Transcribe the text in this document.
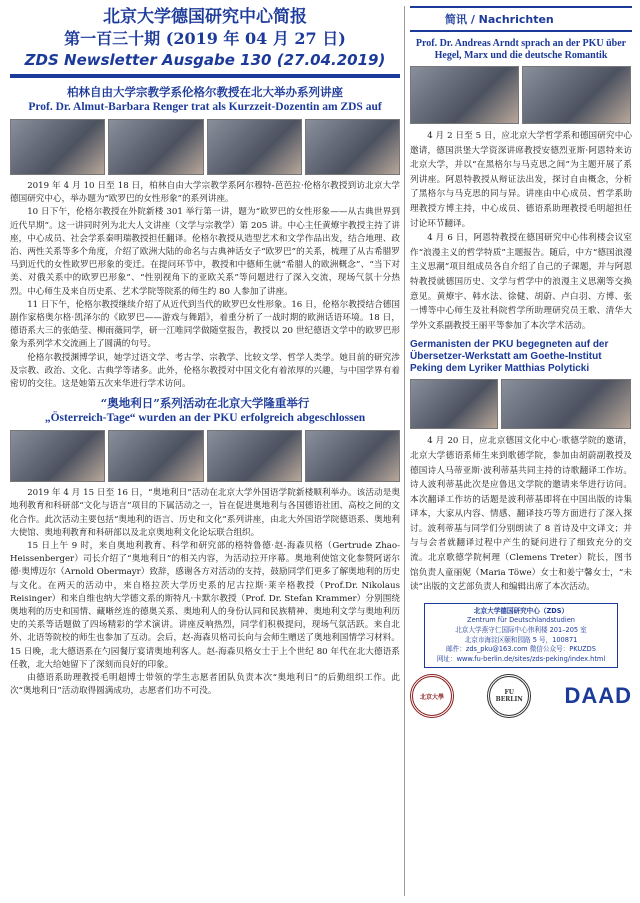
北京大学德国研究中心简报
第一百三十期 (2019 年 04 月 27 日)
ZDS Newsletter Ausgabe 130 (27.04.2019)
柏林自由大学宗教学系伦格尔教授在北大举办系列讲座
Prof. Dr. Almut-Barbara Renger trat als Kurzzeit-Dozentin am ZDS auf

2019 年 4 月 10 日至 18 日，柏林自由大学宗教学系阿尔穆特-芭芭拉·伦格尔教授到访北京大学德国研究中心，举办题为“欧罗巴的女性形象”的系列讲座。

10 日下午，伦格尔教授在外院新楼 301 举行第一讲，题为“欧罗巴的女性形象——从古典世界到近代早期”。这一讲同时列为北大人文讲座（文学与宗教学）第 205 讲。中心主任黄燎宇教授主持了讲座，中心成员、社会学系秦明瑞教授担任翻译。伦格尔教授从造型艺术和文学作品出发，结合地理、政治、两性关系等多个角度，介绍了欧洲大陆的命名与古典神话女子“欧罗巴”的关系，梳理了从古希腊罗马到近代的女性欧罗巴形象的变迁。在提问环节中，教授和中德师生就“希腊人的欧洲概念”、“当下对美、对俄关系中的欧罗巴形象”、“性别视角下的亚欧关系”等问题进行了深入交流，现场气氛十分热烈。中心师生及来自历史系、艺术学院等院系的师生约 80 人参加了讲座。

11 日下午，伦格尔教授继续介绍了从近代到当代的欧罗巴女性形象。16 日，伦格尔教授结合德国剧作家格奥尔格·凯泽尔的《欧罗巴——游戏与舞蹈》，着重分析了一战时期的欧洲话语环境。18 日，德语系大三的张皓莹、柳雨薇同学，研一江唯同学做随堂报告，教授以 20 世纪德语文学中的欧罗巴形象为系列学术交流画上了圆满的句号。

伦格尔教授渊博学识，她学过语文学、考古学、宗教学、比较文学、哲学人类学。她目前的研究涉及宗教、政治、文化、古典学等诸多。此外，伦格尔教授对中国文化有着浓厚的兴趣，与中国学界有着密切的交往。这是她第五次来华进行学术访问。

“奥地利日”系列活动在北京大学隆重举行
„Österreich-Tage“ wurden an der PKU erfolgreich abgeschlossen

2019 年 4 月 15 日至 16 日，“奥地利日”活动在北京大学外国语学院新楼顺利举办。该活动是奥地利教育和科研部“文化与语言”项目的下属活动之一，旨在促进奥地利与各国德语社团、高校之间的文化合作。此次活动主要包括“奥地利的语言、历史和文化”系列讲座，由北大外国语学院德语系、奥地利大使馆、奥地利教育和科研部以及北京奥地利文化论坛联合组织。

15 日上午 9 时，来自奥地利教育、科学和研究部的格特鲁德·赵-海森贝格（Gertrude Zhao-Heissenberger）司长介绍了“奥地利日”的相关内容，为活动拉开序幕。奥地利使馆文化参赞阿诺尔德·奥博迈尔（Arnold Obermayr）致辞，感谢各方对活动的支持，鼓励同学们更多了解奥地利的历史与文化。在两天的活动中，来自格拉茨大学历史系的尼古拉斯·莱辛格教授（Prof.Dr. Nikolaus Reisinger）和来自维也纳大学德文系的斯特凡·卡默尔教授（Prof. Dr. Stefan Krammer）分别围绕奥地利的历史和国情、藏晰丝连的德奥关系、奥地利人的身份认同和民族精神、奥地利文学与奥地利历史的关系等话题做了四场精彩的学术演讲。讲座反响热烈，同学们积极提问，现场气氛活跃。来自北外、北语等院校的师生也参加了互动。会后，赵-海森贝格司长向与会师生赠送了奥地利国情学习材料。15 日晚，北大德语系在勺园餐厅宴请奥地利客人。赵-海森贝格女士于上个世纪 80 年代在北大德语系任教，北大给她留下了深刻而良好的印象。

由德语系助理教授毛明超博士带领的学生志愿者团队负责本次“奥地利日”的后勤组织工作。此次“奥地利日”活动取得圆满成功，志愿者们功不可没。

简讯 / Nachrichten
Prof. Dr. Andreas Arndt sprach an der PKU über Hegel, Marx und die deutsche Romantik

4 月 2 日至 5 日，应北京大学哲学系和德国研究中心邀请，德国洪堡大学资深讲席教授安德烈亚斯·阿恩特来访北京大学，并以“在黑格尔与马克思之间”为主题开展了系列讲座。阿恩特教授从辩证法出发，探讨自由概念，分析了黑格尔与马克思的同与异。讲座由中心成员、哲学系助理教授方博主持，中心成员、德语系助理教授毛明超担任讨论环节翻译。

4 月 6 日，阿恩特教授在德国研究中心伟利楼会议室作“浪漫主义的哲学特质”主题报告。随后，中方“德国浪漫主义思潮”项目组成员各自介绍了自己的子课题，并与阿恩特教授就德国历史、文学与哲学中的浪漫主义思潮等交换意见。黄燎宇、韩水法、徐健、胡蔚、卢白羽、方博、张一博等中心师生及社科院哲学所助理研究员王歌、清华大学外文系副教授王丽平等参加了本次学术活动。

Germanisten der PKU begegneten auf der Übersetzer-Werkstatt am Goethe-Institut Peking dem Lyriker Matthias Polyticki

4 月 20 日，应北京德国文化中心·歌德学院的邀请，北京大学德语系师生来到歌德学院，参加由胡蔚副教授及德国诗人马蒂亚斯·波利蒂基共同主持的诗歌翻译工作坊。诗人波利蒂基此次是应鲁迅文学院的邀请来华进行访问。本次翻译工作坊的话题是波利蒂基即将在中国出版的诗集译本，大家从内容、情感、翻译技巧等方面进行了深入探讨。波利蒂基与同学们分别朗读了 8 首诗及中文译文；并与与会者就翻译过程中产生的疑问进行了细致充分的交流。北京歌德学院柯理（Clemens Treter）院长，图书馆负责人童丽妮（Maria Töwe）女士和姜宁馨女士，“未读”出版的文艺部负责人和编辑出席了本次活动。

北京大学德国研究中心（ZDS）
Zentrum für Deutschlandstudien
北京大学燕守仁国际中心伟利楼 201–205 室
北京市海淀区颐和园路 5 号，100871
邮件：zds_pku@163.com 微信公众号：PKUZDS
网址：www.fu-berlin.de/sites/zds-peking/index.html
北京大學
FU BERLIN DAAD
